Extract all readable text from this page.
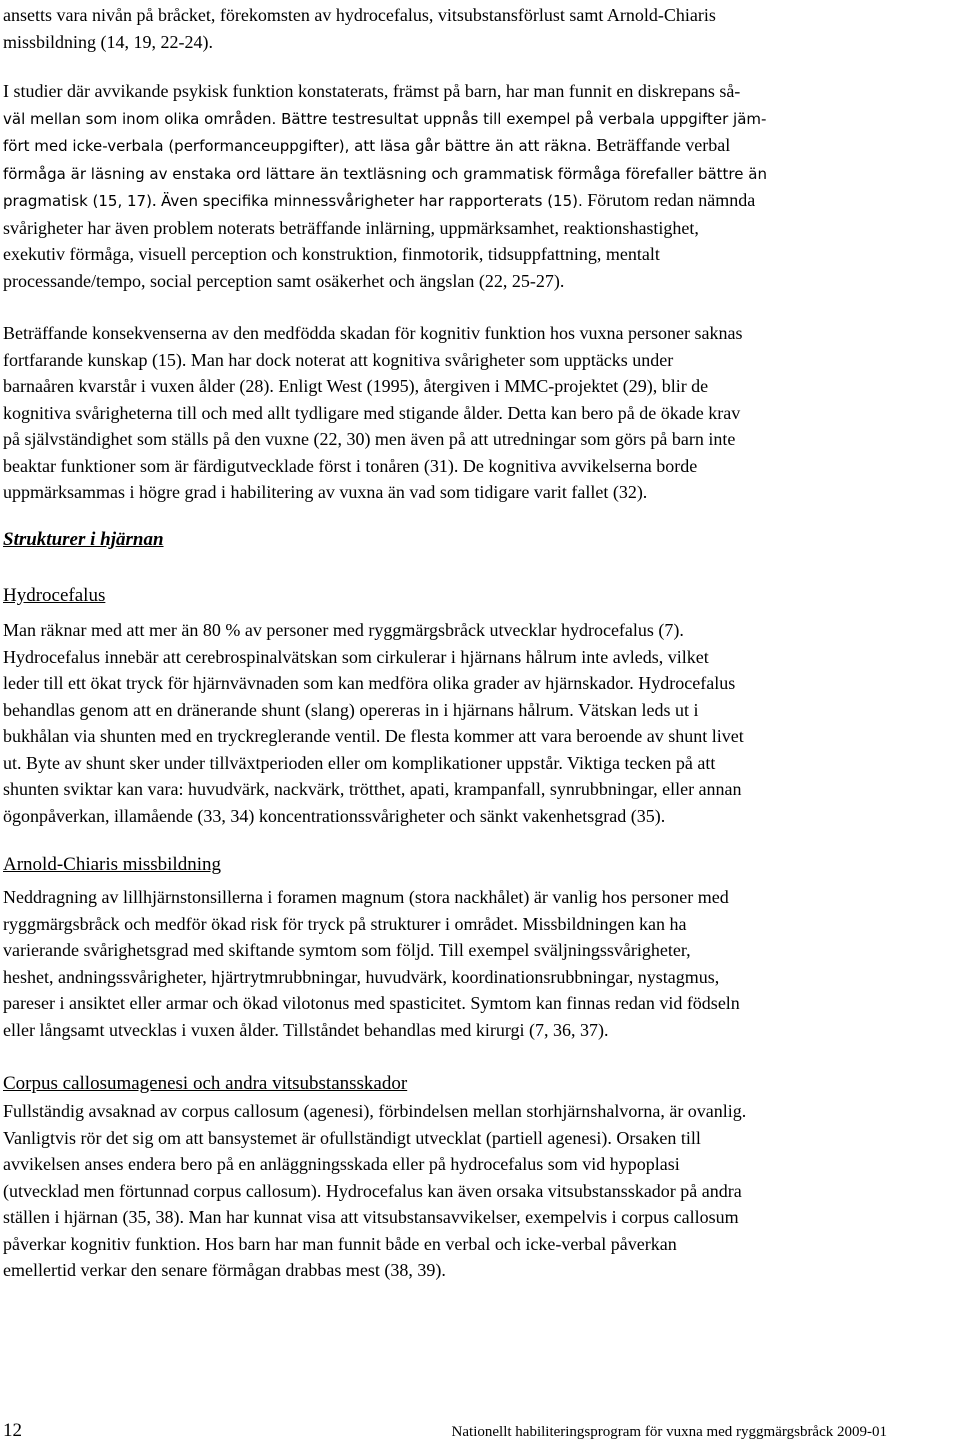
ansetts vara nivån på bråcket, förekomsten av hydrocefalus, vitsubstansförlust samt Arnold-Chiaris
missbildning (14, 19, 22-24).
I studier där avvikande psykisk funktion konstaterats, främst på barn, har man funnit en diskrepans så-
väl mellan som inom olika områden. Bättre testresultat uppnås till exempel på verbala uppgifter jäm-
fört med icke-verbala (performanceuppgifter), att läsa går bättre än att räkna. Beträffande verbal
förmåga är läsning av enstaka ord lättare än textläsning och grammatisk förmåga förefaller bättre än
pragmatisk (15, 17). Även specifika minnessvårigheter har rapporterats (15). Förutom redan nämnda
svårigheter har även problem noterats beträffande inlärning, uppmärksamhet, reaktionshastighet,
exekutiv förmåga, visuell perception och konstruktion, finmotorik, tidsuppfattning, mentalt
processande/tempo, social perception samt osäkerhet och ängslan (22, 25-27).
Beträffande konsekvenserna av den medfödda skadan för kognitiv funktion hos vuxna personer saknas
fortfarande kunskap (15). Man har dock noterat att kognitiva svårigheter som upptäcks under
barnaåren kvarstår i vuxen ålder (28). Enligt West (1995), återgiven i MMC-projektet (29), blir de
kognitiva svårigheterna till och med allt tydligare med stigande ålder. Detta kan bero på de ökade krav
på självständighet som ställs på den vuxne (22, 30) men även på att utredningar som görs på barn inte
beaktar funktioner som är färdigutvecklade först i tonåren (31). De kognitiva avvikelserna borde
uppmärksammas i högre grad i habilitering av vuxna än vad som tidigare varit fallet (32).
Strukturer i hjärnan
Hydrocefalus
Man räknar med att mer än 80 % av personer med ryggmärgsbråck utvecklar hydrocefalus (7).
Hydrocefalus innebär att cerebrospinalvätskan som cirkulerar i hjärnans hålrum inte avleds, vilket
leder till ett ökat tryck för hjärnvävnaden som kan medföra olika grader av hjärnskador. Hydrocefalus
behandlas genom att en dränerande shunt (slang) opereras in i hjärnans hålrum. Vätskan leds ut i
bukhålan via shunten med en tryckreglerande ventil. De flesta kommer att vara beroende av shunt livet
ut. Byte av shunt sker under tillväxtperioden eller om komplikationer uppstår. Viktiga tecken på att
shunten sviktar kan vara: huvudvärk, nackvärk, trötthet, apati, krampanfall, synrubbningar, eller annan
ögonpåverkan, illamående (33, 34) koncentrationssvårigheter och sänkt vakenhetsgrad (35).
Arnold-Chiaris missbildning
Neddragning av lillhjärnstonsillerna i foramen magnum (stora nackhålet) är vanlig hos personer med
ryggmärgsbråck och medför ökad risk för tryck på strukturer i området. Missbildningen kan ha
varierande svårighetsgrad med skiftande symtom som följd. Till exempel sväljningssvårigheter,
heshet, andningssvårigheter, hjärtrytmrubbningar, huvudvärk, koordinationsrubbningar, nystagmus,
pareser i ansiktet eller armar och ökad vilotonus med spasticitet. Symtom kan finnas redan vid födseln
eller långsamt utvecklas i vuxen ålder. Tillståndet behandlas med kirurgi (7, 36, 37).
Corpus callosumagenesi och andra vitsubstansskador
Fullständig avsaknad av corpus callosum (agenesi), förbindelsen mellan storhjärnshalvorna, är ovanlig.
Vanligtvis rör det sig om att bansystemet är ofullständigt utvecklat (partiell agenesi). Orsaken till
avvikelsen anses endera bero på en anläggningsskada eller på hydrocefalus som vid hypoplasi
(utvecklad men förtunnad corpus callosum). Hydrocefalus kan även orsaka vitsubstansskador på andra
ställen i hjärnan (35, 38). Man har kunnat visa att vitsubstansavvikelser, exempelvis i corpus callosum
påverkar kognitiv funktion. Hos barn har man funnit både en verbal och icke-verbal påverkan
emellertid verkar den senare förmågan drabbas mest (38, 39).
12	Nationellt habiliteringsprogram för vuxna med ryggmärgsbråck 2009-01
